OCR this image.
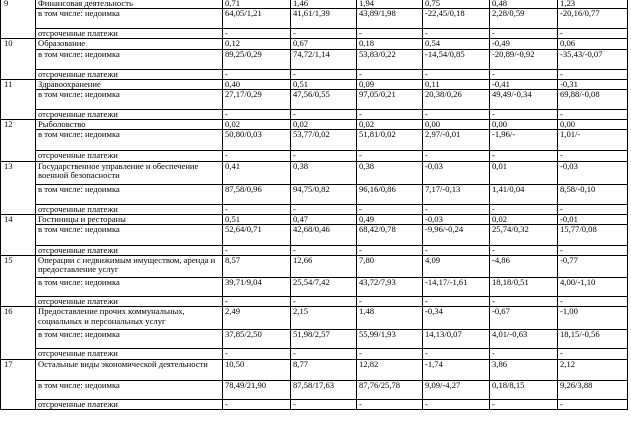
9	Финансовая деятельность	0,71	1,46	1,94	0,75	0,48	1,23
	в том числе: недоимка	64,05/1,21	41,61/1,39	43,89/1,98	-22,45/0,18	2,28/0,59	-20,16/0,77
	отсроченные платежи	-	-	-	-	-	-
10	Образование	0,12	0,67	0,18	0,54	-0,49	0,06
	в том числе: недоимка	89,25/0,29	74,72/1,14	53,83/0,22	-14,54/0,85	-20,89/-0,92	-35,43/-0,07
	отсроченные платежи	-	-	-	-	-	-
11	Здравоохранение	0,40	0,51	0,09	0,11	-0,41	-0,31
	в том числе: недоимка	27,17/0,29	47,56/0,55	97,05/0,21	20,38/0,26	49,49/-0,34	69,88/-0,08
	отсроченные платежи	-	-	-	-	-	-
12	Рыболовство	0,02	0,02	0,02	0,00	0,00	0,00
	в том числе: недоимка	50,80/0,03	53,77/0,02	51,81/0,02	2,97/-0,01	-1,96/-	1,01/-
	отсроченные платежи	-	-	-	-	-	-
13	Государственное управление и обеспечение военной безопасности	0,41	0,38	0,38	-0,03	0,01	-0,03
	в том числе: недоимка	87,58/0,96	94,75/0,82	96,16/0,86	7,17/-0,13	1,41/0,04	8,58/-0,10
	отсроченные платежи	-	-	-	-	-	-
14	Гостиницы и рестораны	0,51	0,47	0,49	-0,03	0,02	-0,01
	в том числе: недоимка	52,64/0,71	42,68/0,46	68,42/0,78	-9,96/-0,24	25,74/0,32	15,77/0,08
	отсроченные платежи	-	-	-	-	-	-
15	Операции с недвижимым имуществом, аренда и предоставление услуг	8,57	12,66	7,80	4,09	-4,86	-0,77
	в том числе: недоимка	39,71/9,04	25,54/7,42	43,72/7,93	-14,17/-1,61	18,18/0,51	4,00/-1,10
	отсроченные платежи	-	-	-	-	-	-
16	Предоставление прочих коммунальных, социальных и персональных услуг	2,49	2,15	1,48	-0,34	-0,67	-1,00
	в том числе: недоимка	37,85/2,50	51,98/2,57	55,99/1,93	14,13/0,07	4,01/-0,63	18,15/-0,56
	отсроченные платежи	-	-	-	-	-	-
17	Остальные виды экономической деятельности	10,50	8,77	12,82	-1,74	3,86	2,12
	в том числе: недоимка	78,49/21,90	87,58/17,63	87,76/25,78	9,09/-4,27	0,18/8,15	9,26/3,88
	отсроченные платежи	-	-	-	-	-	-
